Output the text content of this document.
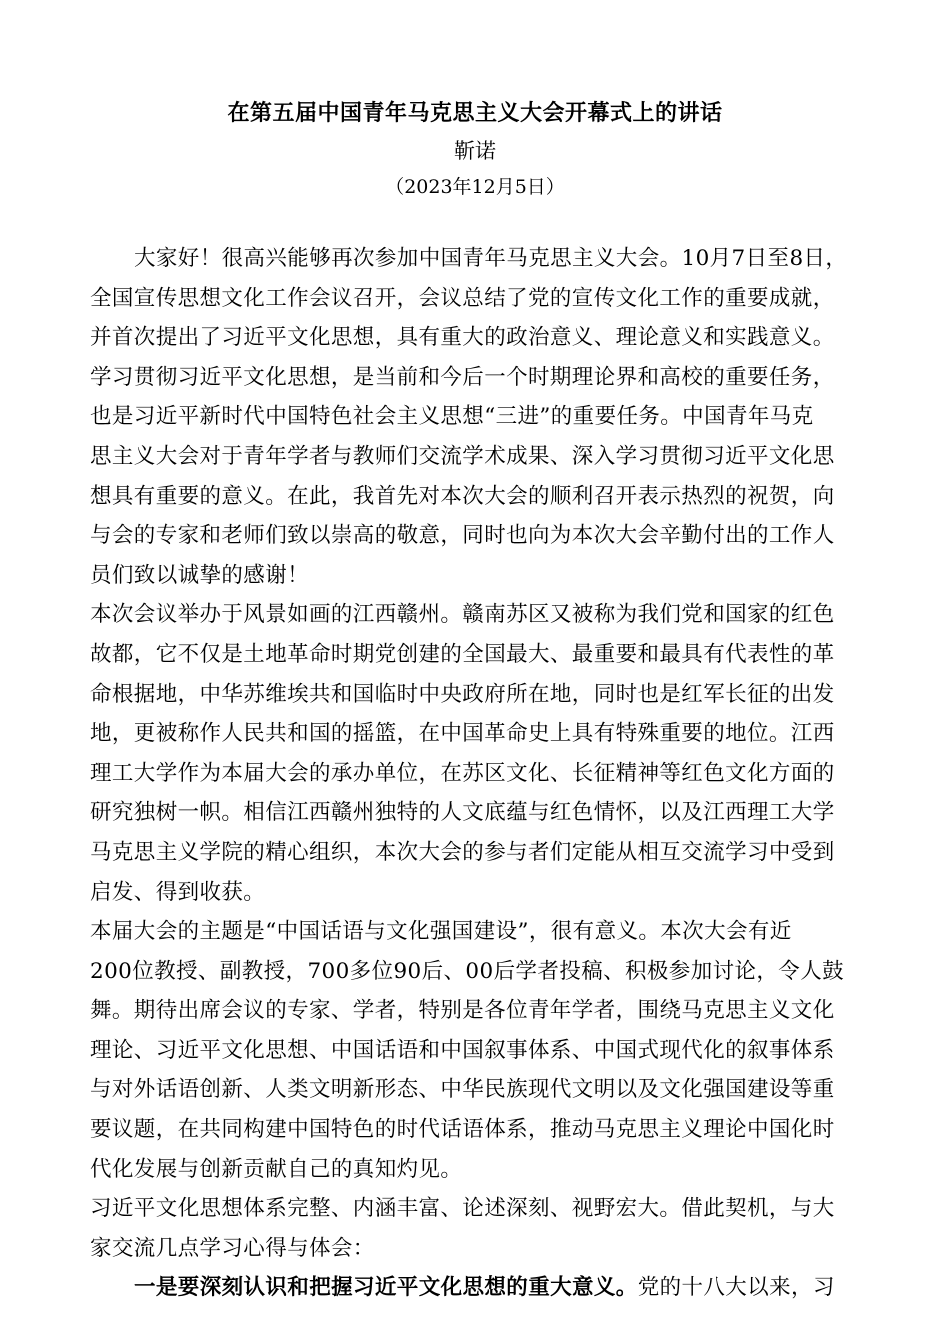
在第五届中国青年马克思主义大会开幕式上的讲话
靳诺
（2023年12月5日）
大家好！很高兴能够再次参加中国青年马克思主义大会。10月7日至8日，
全国宣传思想文化工作会议召开，会议总结了党的宣传文化工作的重要成就，
并首次提出了习近平文化思想，具有重大的政治意义、理论意义和实践意义。
学习贯彻习近平文化思想，是当前和今后一个时期理论界和高校的重要任务，
也是习近平新时代中国特色社会主义思想“三进”的重要任务。中国青年马克
思主义大会对于青年学者与教师们交流学术成果、深入学习贯彻习近平文化思
想具有重要的意义。在此，我首先对本次大会的顺利召开表示热烈的祝贺，向
与会的专家和老师们致以崇高的敬意，同时也向为本次大会辛勤付出的工作人
员们致以诚挚的感谢！
本次会议举办于风景如画的江西赣州。赣南苏区又被称为我们党和国家的红色
故都，它不仅是土地革命时期党创建的全国最大、最重要和最具有代表性的革
命根据地，中华苏维埃共和国临时中央政府所在地，同时也是红军长征的出发
地，更被称作人民共和国的摇篮，在中国革命史上具有特殊重要的地位。江西
理工大学作为本届大会的承办单位，在苏区文化、长征精神等红色文化方面的
研究独树一帜。相信江西赣州独特的人文底蕴与红色情怀，以及江西理工大学
马克思主义学院的精心组织，本次大会的参与者们定能从相互交流学习中受到
启发、得到收获。
本届大会的主题是“中国话语与文化强国建设”，很有意义。本次大会有近
200位教授、副教授，700多位90后、00后学者投稿、积极参加讨论，令人鼓
舞。期待出席会议的专家、学者，特别是各位青年学者，围绕马克思主义文化
理论、习近平文化思想、中国话语和中国叙事体系、中国式现代化的叙事体系
与对外话语创新、人类文明新形态、中华民族现代文明以及文化强国建设等重
要议题，在共同构建中国特色的时代话语体系，推动马克思主义理论中国化时
代化发展与创新贡献自己的真知灼见。
习近平文化思想体系完整、内涵丰富、论述深刻、视野宏大。借此契机，与大
家交流几点学习心得与体会：
一是要深刻认识和把握习近平文化思想的重大意义。党的十八大以来，习
